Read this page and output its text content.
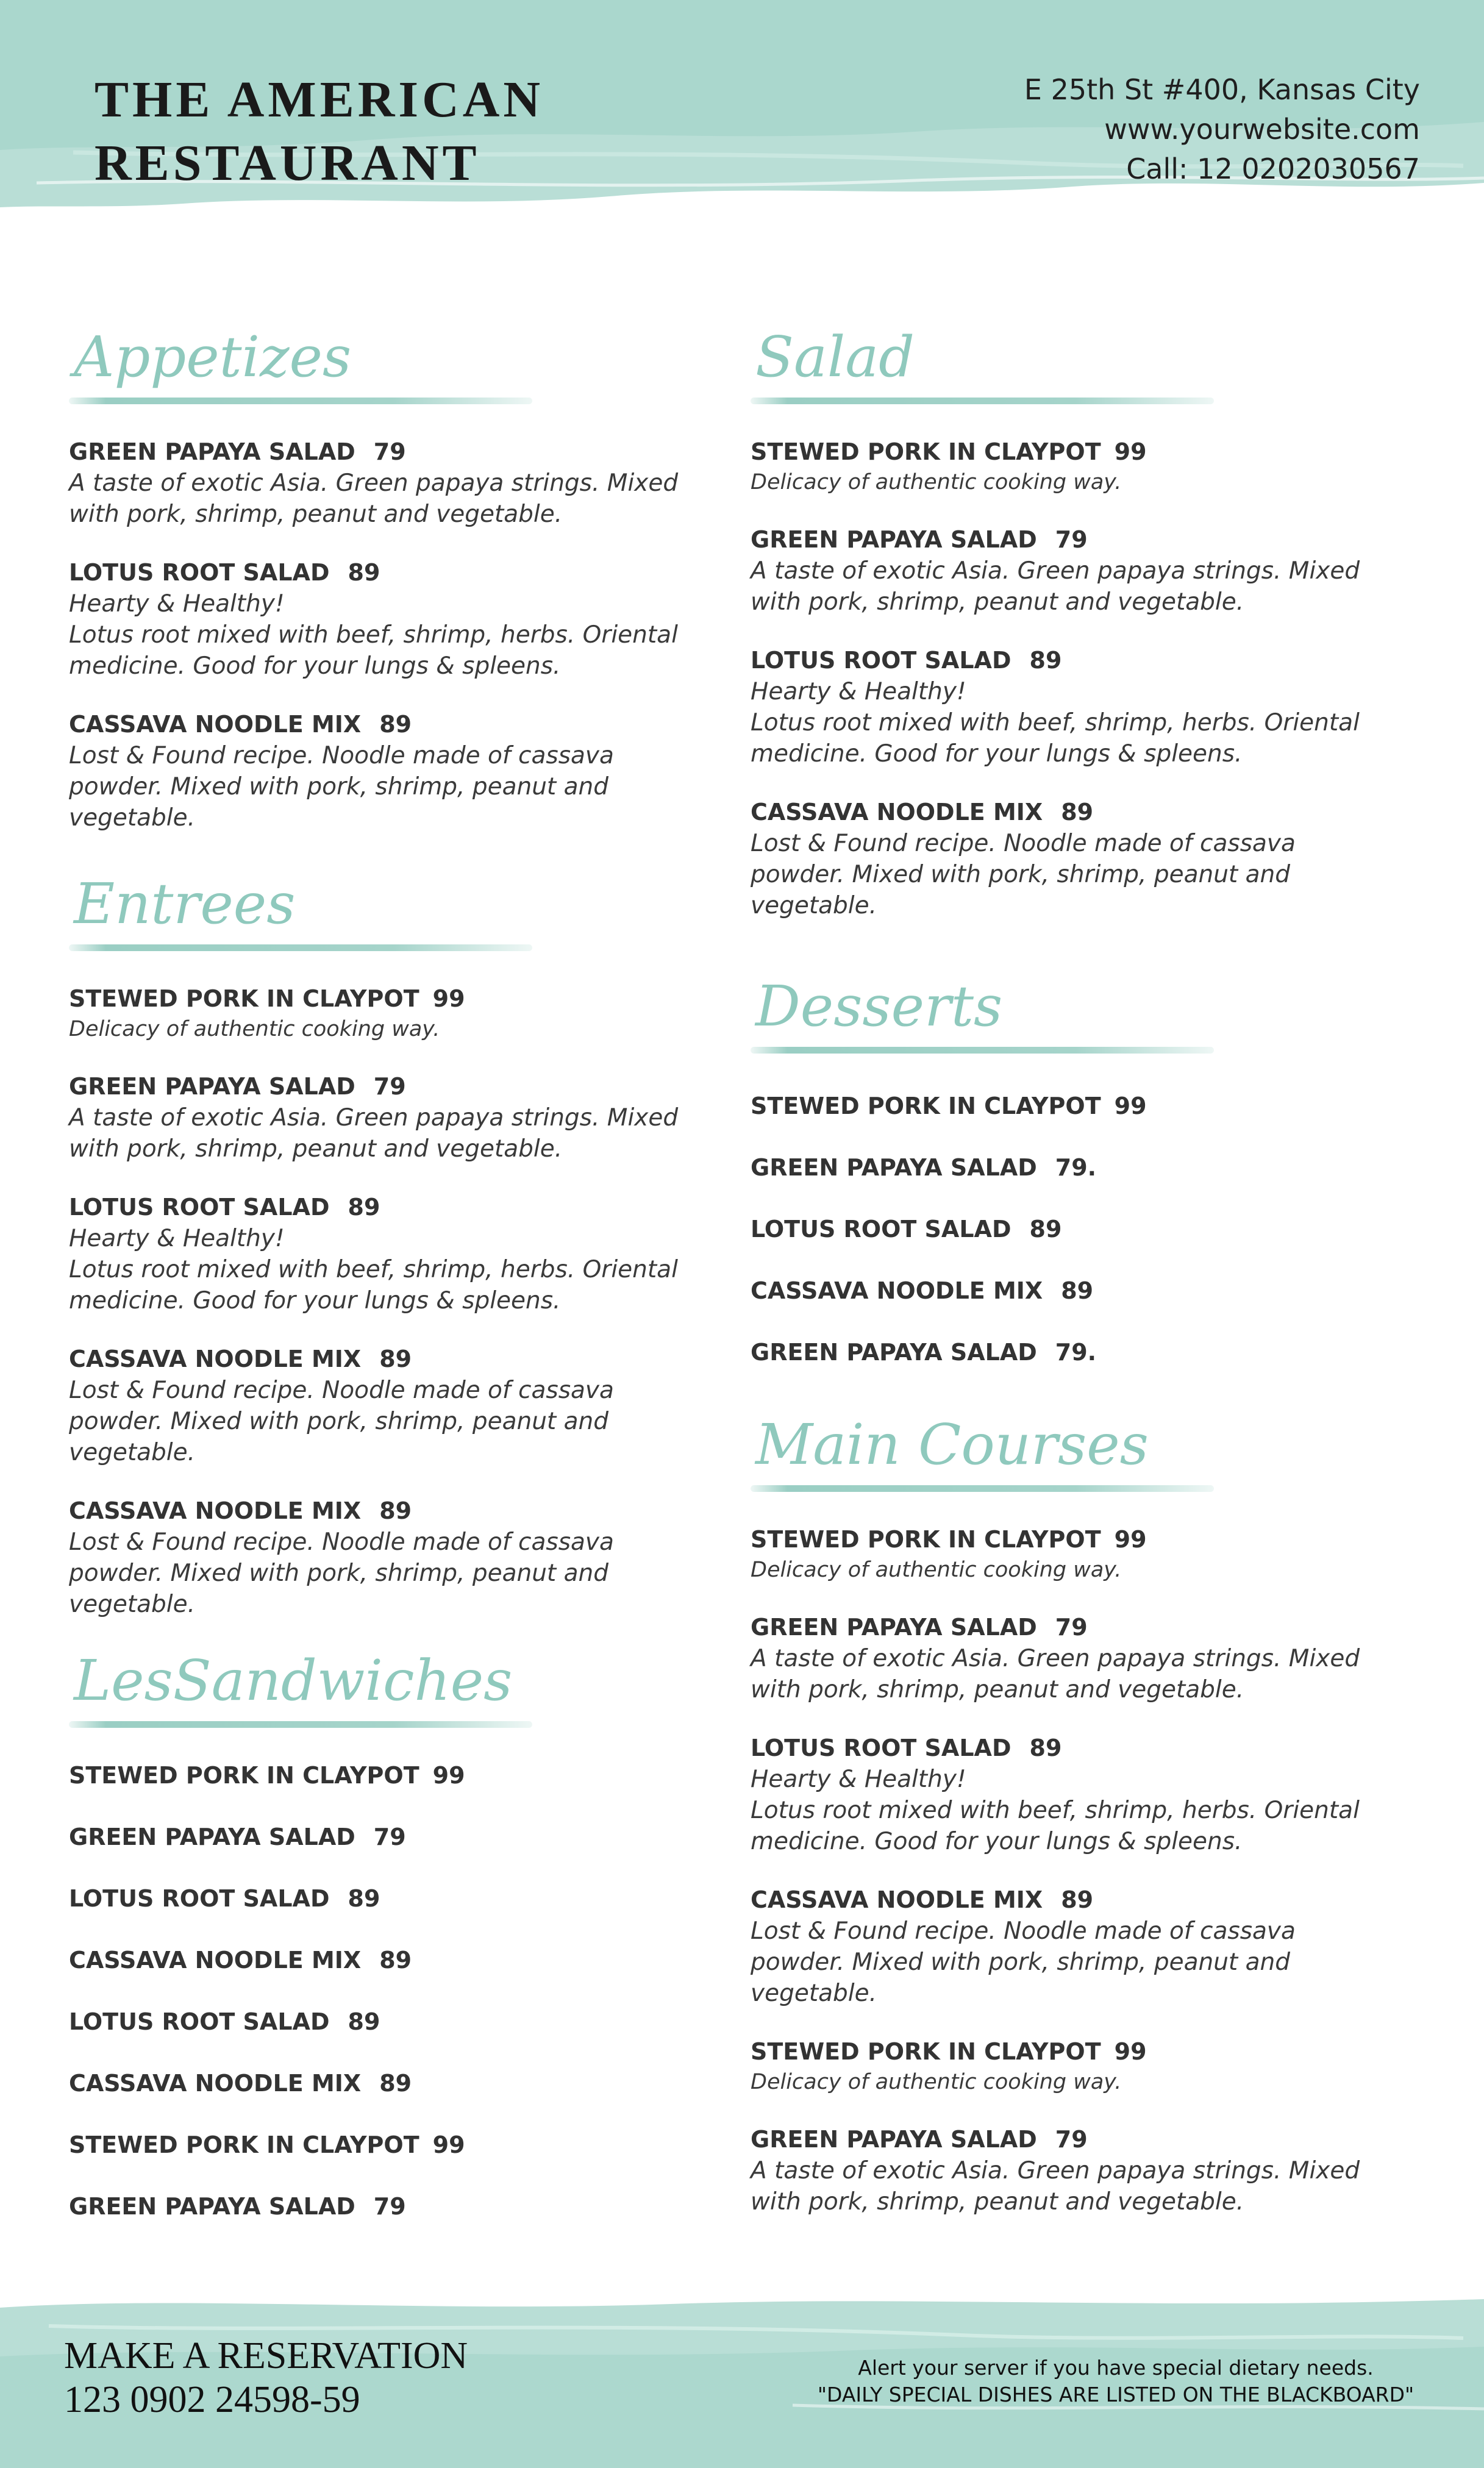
THE AMERICAN
RESTAURANT
E 25th St #400, Kansas City
www.yourwebsite.com
Call: 12 0202030567
Appetizes
GREEN PAPAYA SALAD 79
A taste of exotic Asia. Green papaya strings. Mixed with pork, shrimp, peanut and vegetable.
LOTUS ROOT SALAD 89
Hearty & Healthy!
Lotus root mixed with beef, shrimp, herbs. Oriental medicine. Good for your lungs & spleens.
CASSAVA NOODLE MIX 89
Lost & Found recipe. Noodle made of cassava powder. Mixed with pork, shrimp, peanut and vegetable.
Entrees
STEWED PORK IN CLAYPOT 99
Delicacy of authentic cooking way.
GREEN PAPAYA SALAD 79
A taste of exotic Asia. Green papaya strings. Mixed with pork, shrimp, peanut and vegetable.
LOTUS ROOT SALAD 89
Hearty & Healthy!
Lotus root mixed with beef, shrimp, herbs. Oriental medicine. Good for your lungs & spleens.
CASSAVA NOODLE MIX 89
Lost & Found recipe. Noodle made of cassava powder. Mixed with pork, shrimp, peanut and vegetable.
CASSAVA NOODLE MIX 89
Lost & Found recipe. Noodle made of cassava powder. Mixed with pork, shrimp, peanut and vegetable.
LesSandwiches
STEWED PORK IN CLAYPOT 99
GREEN PAPAYA SALAD 79
LOTUS ROOT SALAD 89
CASSAVA NOODLE MIX 89
LOTUS ROOT SALAD 89
CASSAVA NOODLE MIX 89
STEWED PORK IN CLAYPOT 99
GREEN PAPAYA SALAD 79
Salad
STEWED PORK IN CLAYPOT 99
Delicacy of authentic cooking way.
GREEN PAPAYA SALAD 79
A taste of exotic Asia. Green papaya strings. Mixed with pork, shrimp, peanut and vegetable.
LOTUS ROOT SALAD 89
Hearty & Healthy!
Lotus root mixed with beef, shrimp, herbs. Oriental medicine. Good for your lungs & spleens.
CASSAVA NOODLE MIX 89
Lost & Found recipe. Noodle made of cassava powder. Mixed with pork, shrimp, peanut and vegetable.
Desserts
STEWED PORK IN CLAYPOT 99
GREEN PAPAYA SALAD 79.
LOTUS ROOT SALAD 89
CASSAVA NOODLE MIX 89
GREEN PAPAYA SALAD 79.
Main Courses
STEWED PORK IN CLAYPOT 99
Delicacy of authentic cooking way.
GREEN PAPAYA SALAD 79
A taste of exotic Asia. Green papaya strings. Mixed with pork, shrimp, peanut and vegetable.
LOTUS ROOT SALAD 89
Hearty & Healthy!
Lotus root mixed with beef, shrimp, herbs. Oriental medicine. Good for your lungs & spleens.
CASSAVA NOODLE MIX 89
Lost & Found recipe. Noodle made of cassava powder. Mixed with pork, shrimp, peanut and vegetable.
STEWED PORK IN CLAYPOT 99
Delicacy of authentic cooking way.
GREEN PAPAYA SALAD 79
A taste of exotic Asia. Green papaya strings. Mixed with pork, shrimp, peanut and vegetable.
MAKE A RESERVATION
123 0902 24598-59
Alert your server if you have special dietary needs.
"DAILY SPECIAL DISHES ARE LISTED ON THE BLACKBOARD"
